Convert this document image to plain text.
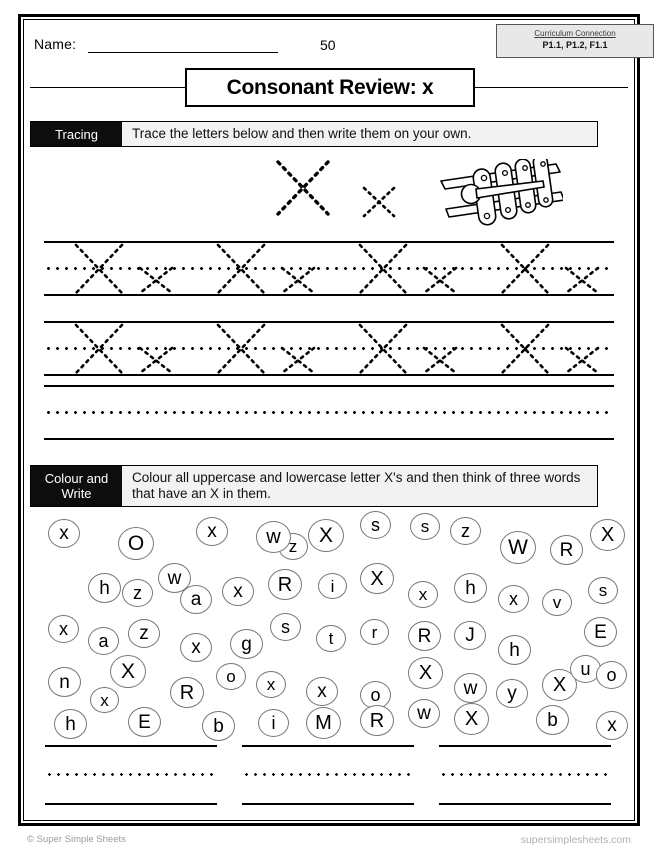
Name:	50
Curriculum Connection
P1.1, P1.2, F1.1
Consonant Review: x
Tracing	Trace the letters below and then write them on your own.
Colour and Write
Colour all uppercase and lowercase letter X's and then think of three words that have an X in them.
x	O
x
z
w	X	s	s	z
W	R
X
h	w
z	a	x	R	i	X
x	h
x	v
s
x
a	z
x	g
s
t	r	R	J
h
E
n	X
R
o	x	x	o
X
w	y	X
u o
h
x
E	b	i	M	R	w	X	b	x
© Super Simple Sheets	supersimplesheets.com
